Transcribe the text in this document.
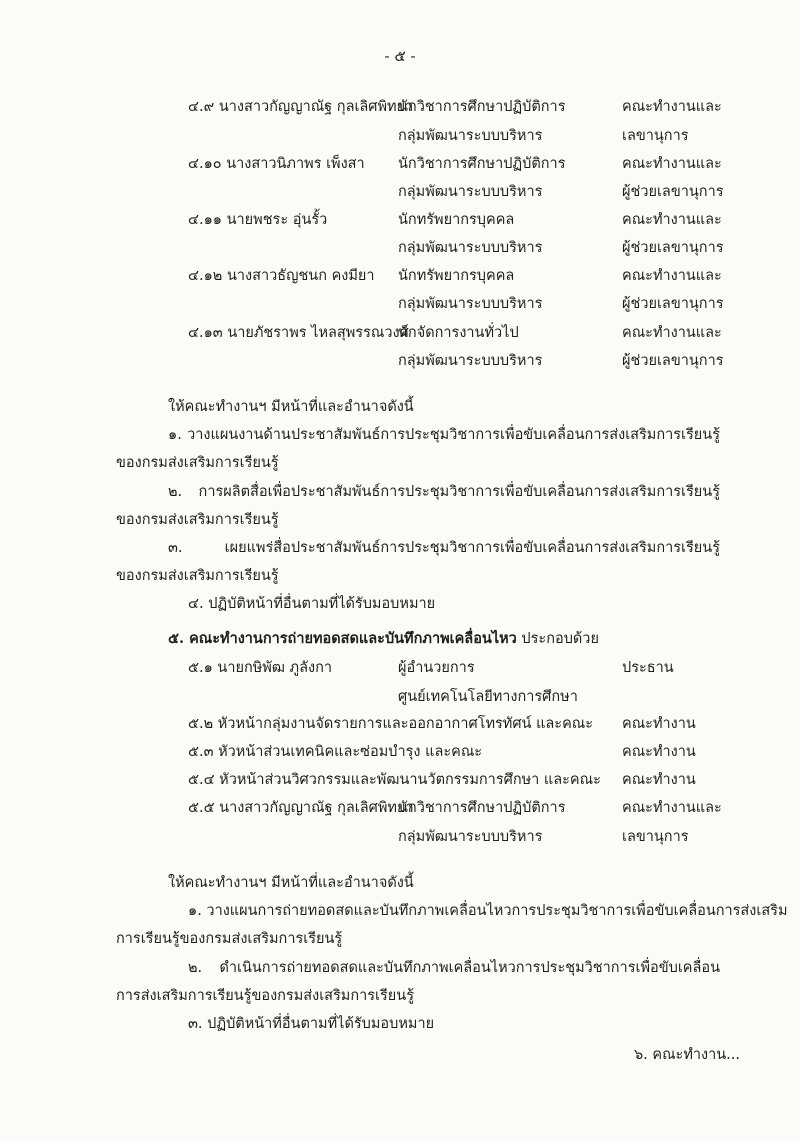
- ๕ -
๔.๙ นางสาวกัญญาณัฐ กุลเลิศพิทยา
นักวิชาการศึกษาปฏิบัติการ	คณะทำงานและ
กลุ่มพัฒนาระบบบริหาร	เลขานุการ
๔.๑๐ นางสาวนิภาพร เพ็งสา นักวิชาการศึกษาปฏิบัติการ	คณะทำงานและ
กลุ่มพัฒนาระบบบริหาร	ผู้ช่วยเลขานุการ
๔.๑๑ นายพชระ อุ่นรั้ว	นักทรัพยากรบุคคล	คณะทำงานและ
กลุ่มพัฒนาระบบบริหาร	ผู้ช่วยเลขานุการ
๔.๑๒ นางสาวธัญชนก คงมียา นักทรัพยากรบุคคล	คณะทำงานและ
กลุ่มพัฒนาระบบบริหาร	ผู้ช่วยเลขานุการ
๔.๑๓ นายภัชราพร ไหลสุพรรณวงศ์
นักจัดการงานทั่วไป	คณะทำงานและ
กลุ่มพัฒนาระบบบริหาร	ผู้ช่วยเลขานุการ
ให้คณะทำงานฯ มีหน้าที่และอำนาจดังนี้
๑. วางแผนงานด้านประชาสัมพันธ์การประชุมวิชาการเพื่อขับเคลื่อนการส่งเสริมการเรียนรู้
ของกรมส่งเสริมการเรียนรู้
๒. การผลิตสื่อเพื่อประชาสัมพันธ์การประชุมวิชาการเพื่อขับเคลื่อนการส่งเสริมการเรียนรู้
ของกรมส่งเสริมการเรียนรู้
๓. เผยแพร่สื่อประชาสัมพันธ์การประชุมวิชาการเพื่อขับเคลื่อนการส่งเสริมการเรียนรู้
ของกรมส่งเสริมการเรียนรู้
๔. ปฏิบัติหน้าที่อื่นตามที่ได้รับมอบหมาย
๕. คณะทำงานการถ่ายทอดสดและบันทึกภาพเคลื่อนไหว ประกอบด้วย
๕.๑ นายกษิพัฒ ภูลังกา	ผู้อำนวยการ	ประธาน
ศูนย์เทคโนโลยีทางการศึกษา
๕.๒ หัวหน้ากลุ่มงานจัดรายการและออกอากาศโทรทัศน์ และคณะ คณะทำงาน
๕.๓ หัวหน้าส่วนเทคนิคและซ่อมบำรุง และคณะ	คณะทำงาน
๕.๔ หัวหน้าส่วนวิศวกรรมและพัฒนานวัตกรรมการศึกษา และคณะ คณะทำงาน
๕.๕ นางสาวกัญญาณัฐ กุลเลิศพิทยา
นักวิชาการศึกษาปฏิบัติการ	คณะทำงานและ
กลุ่มพัฒนาระบบบริหาร	เลขานุการ
ให้คณะทำงานฯ มีหน้าที่และอำนาจดังนี้
๑. วางแผนการถ่ายทอดสดและบันทึกภาพเคลื่อนไหวการประชุมวิชาการเพื่อขับเคลื่อนการส่งเสริม
การเรียนรู้ของกรมส่งเสริมการเรียนรู้
๒. ดำเนินการถ่ายทอดสดและบันทึกภาพเคลื่อนไหวการประชุมวิชาการเพื่อขับเคลื่อน
การส่งเสริมการเรียนรู้ของกรมส่งเสริมการเรียนรู้
๓. ปฏิบัติหน้าที่อื่นตามที่ได้รับมอบหมาย
๖. คณะทำงาน...
